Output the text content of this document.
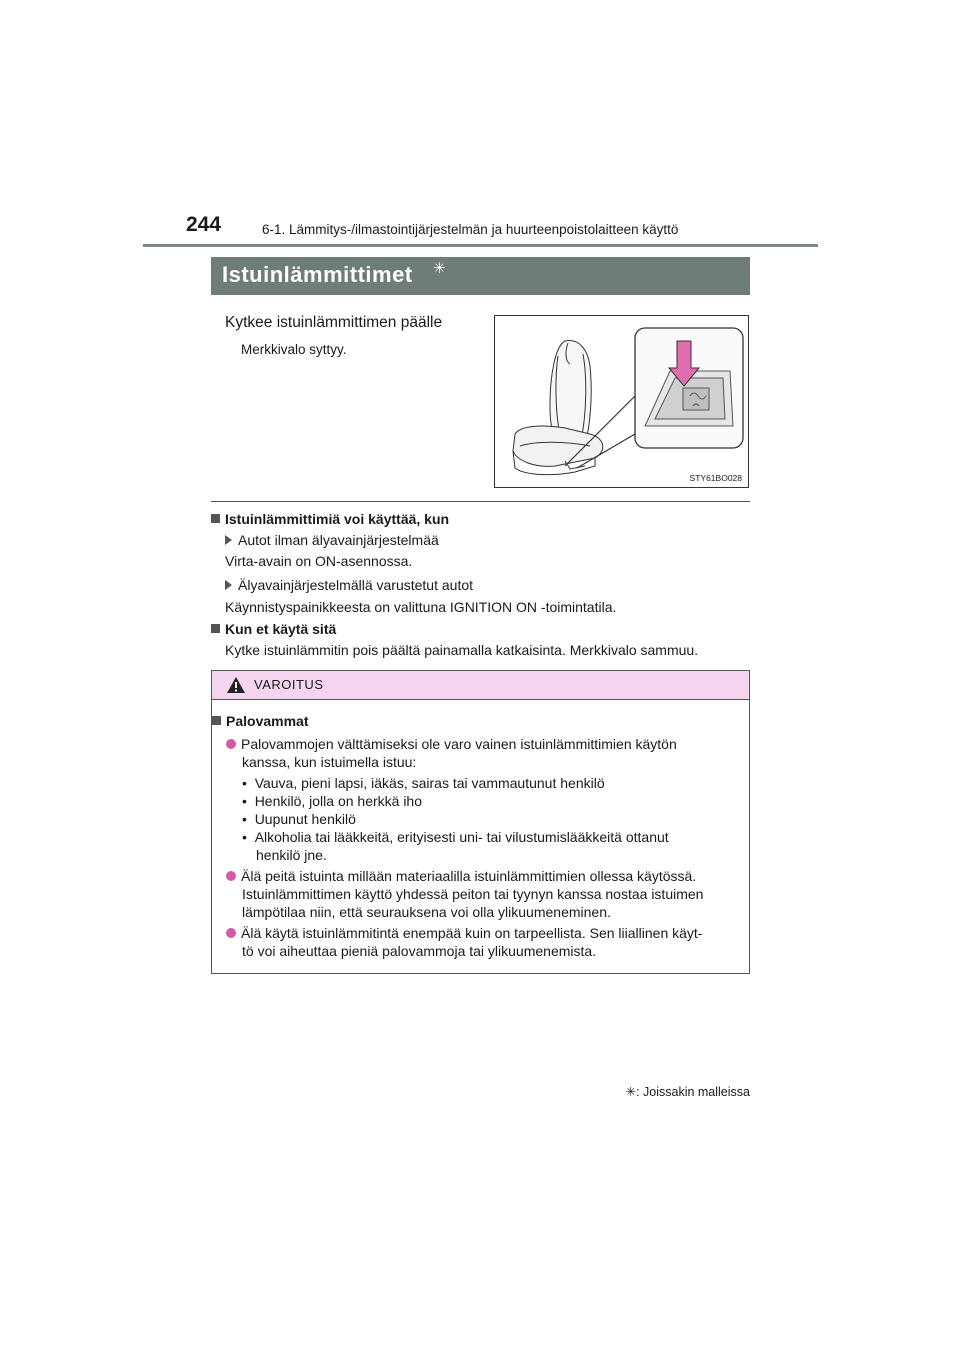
244	6-1. Lämmitys-/ilmastointijärjestelmän ja huurteenpoistolaitteen käyttö
Istuinlämmittimet ✳
Kytkee istuinlämmittimen päälle
Merkkivalo syttyy.
STY61BO028
Istuinlämmittimiä voi käyttää, kun
Autot ilman älyavainjärjestelmää
Virta-avain on ON-asennossa.
Älyavainjärjestelmällä varustetut autot
Käynnistyspainikkeesta on valittuna IGNITION ON -toimintatila.
Kun et käytä sitä
Kytke istuinlämmitin pois päältä painamalla katkaisinta. Merkkivalo sammuu.
VAROITUS
Palovammat
Palovammojen välttämiseksi ole varo vainen istuinlämmittimien käytön
kanssa, kun istuimella istuu:
•  Vauva, pieni lapsi, iäkäs, sairas tai vammautunut henkilö
•  Henkilö, jolla on herkkä iho
•  Uupunut henkilö
•  Alkoholia tai lääkkeitä, erityisesti uni- tai vilustumislääkkeitä ottanut
henkilö jne.
Älä peitä istuinta millään materiaalilla istuinlämmittimien ollessa käytössä.
Istuinlämmittimen käyttö yhdessä peiton tai tyynyn kanssa nostaa istuimen
lämpötilaa niin, että seurauksena voi olla ylikuumeneminen.
Älä käytä istuinlämmitintä enempää kuin on tarpeellista. Sen liiallinen käyt-
tö voi aiheuttaa pieniä palovammoja tai ylikuumenemista.
✳: Joissakin malleissa
